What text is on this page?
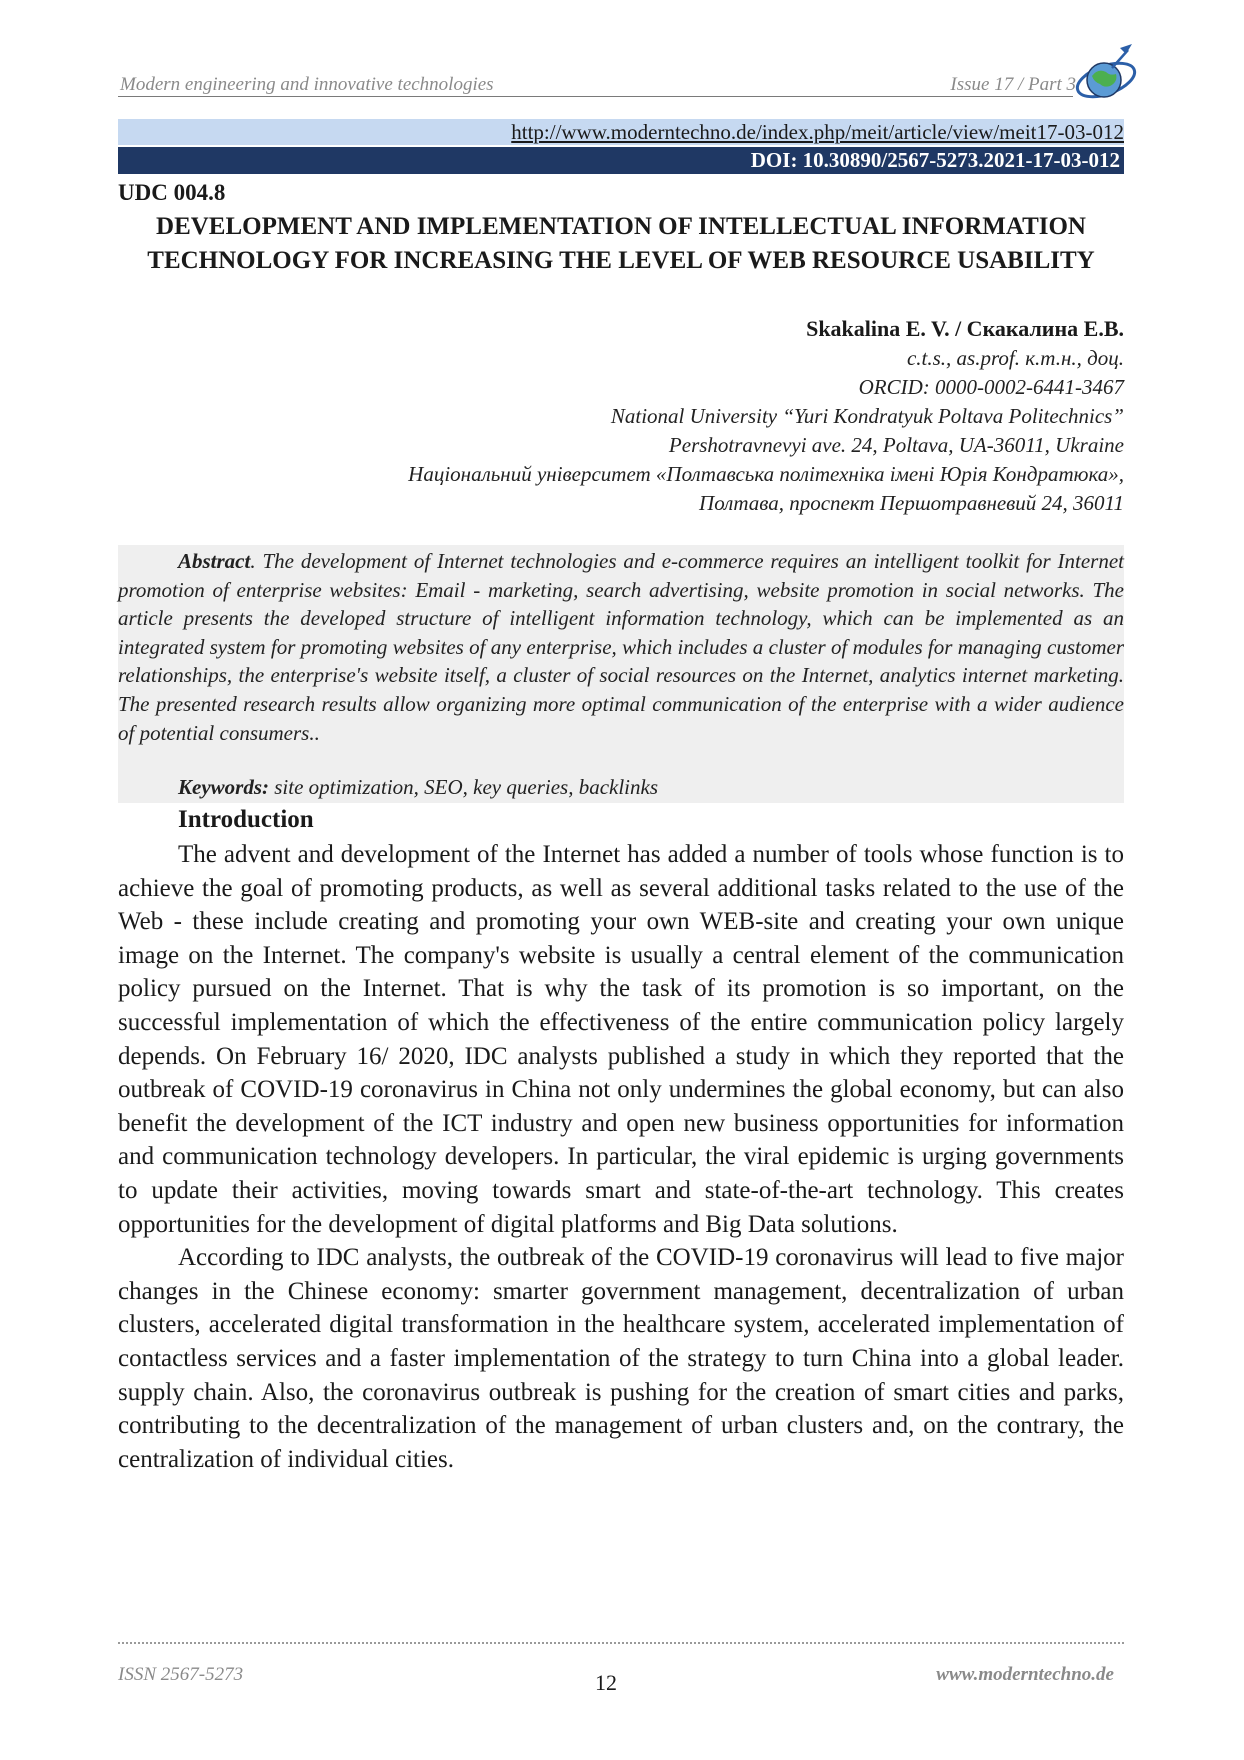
Modern engineering and innovative technologies	Issue 17 / Part 3
http://www.moderntechno.de/index.php/meit/article/view/meit17-03-012
DOI: 10.30890/2567-5273.2021-17-03-012
UDC 004.8
DEVELOPMENT AND IMPLEMENTATION OF INTELLECTUAL INFORMATION TECHNOLOGY FOR INCREASING THE LEVEL OF WEB RESOURCE USABILITY
Skakalina E. V. / Скакалина Е.В.
c.t.s., as.prof. к.т.н., доц.
ORCID: 0000-0002-6441-3467
National University “Yuri Kondratyuk Poltava Politechnics”
Pershotravnevyi ave. 24, Poltava, UA-36011, Ukraine
Національний університет «Полтавська політехніка імені Юрія Кондратюка»,
Полтава, проспект Першотравневий 24, 36011
Abstract. The development of Internet technologies and e-commerce requires an intelligent toolkit for Internet promotion of enterprise websites: Email - marketing, search advertising, website promotion in social networks. The article presents the developed structure of intelligent information technology, which can be implemented as an integrated system for promoting websites of any enterprise, which includes a cluster of modules for managing customer relationships, the enterprise's website itself, a cluster of social resources on the Internet, analytics internet marketing. The presented research results allow organizing more optimal communication of the enterprise with a wider audience of potential consumers..
Keywords: site optimization, SEO, key queries, backlinks
Introduction

The advent and development of the Internet has added a number of tools whose function is to achieve the goal of promoting products, as well as several additional tasks related to the use of the Web - these include creating and promoting your own WEB-site and creating your own unique image on the Internet. The company's website is usually a central element of the communication policy pursued on the Internet. That is why the task of its promotion is so important, on the successful implementation of which the effectiveness of the entire communication policy largely depends. On February 16/ 2020, IDC analysts published a study in which they reported that the outbreak of COVID-19 coronavirus in China not only undermines the global economy, but can also benefit the development of the ICT industry and open new business opportunities for information and communication technology developers. In particular, the viral epidemic is urging governments to update their activities, moving towards smart and state-of-the-art technology. This creates opportunities for the development of digital platforms and Big Data solutions.

According to IDC analysts, the outbreak of the COVID-19 coronavirus will lead to five major changes in the Chinese economy: smarter government management, decentralization of urban clusters, accelerated digital transformation in the healthcare system, accelerated implementation of contactless services and a faster implementation of the strategy to turn China into a global leader. supply chain. Also, the coronavirus outbreak is pushing for the creation of smart cities and parks, contributing to the decentralization of the management of urban clusters and, on the contrary, the centralization of individual cities.

ISSN 2567-5273	12	www.moderntechno.de
